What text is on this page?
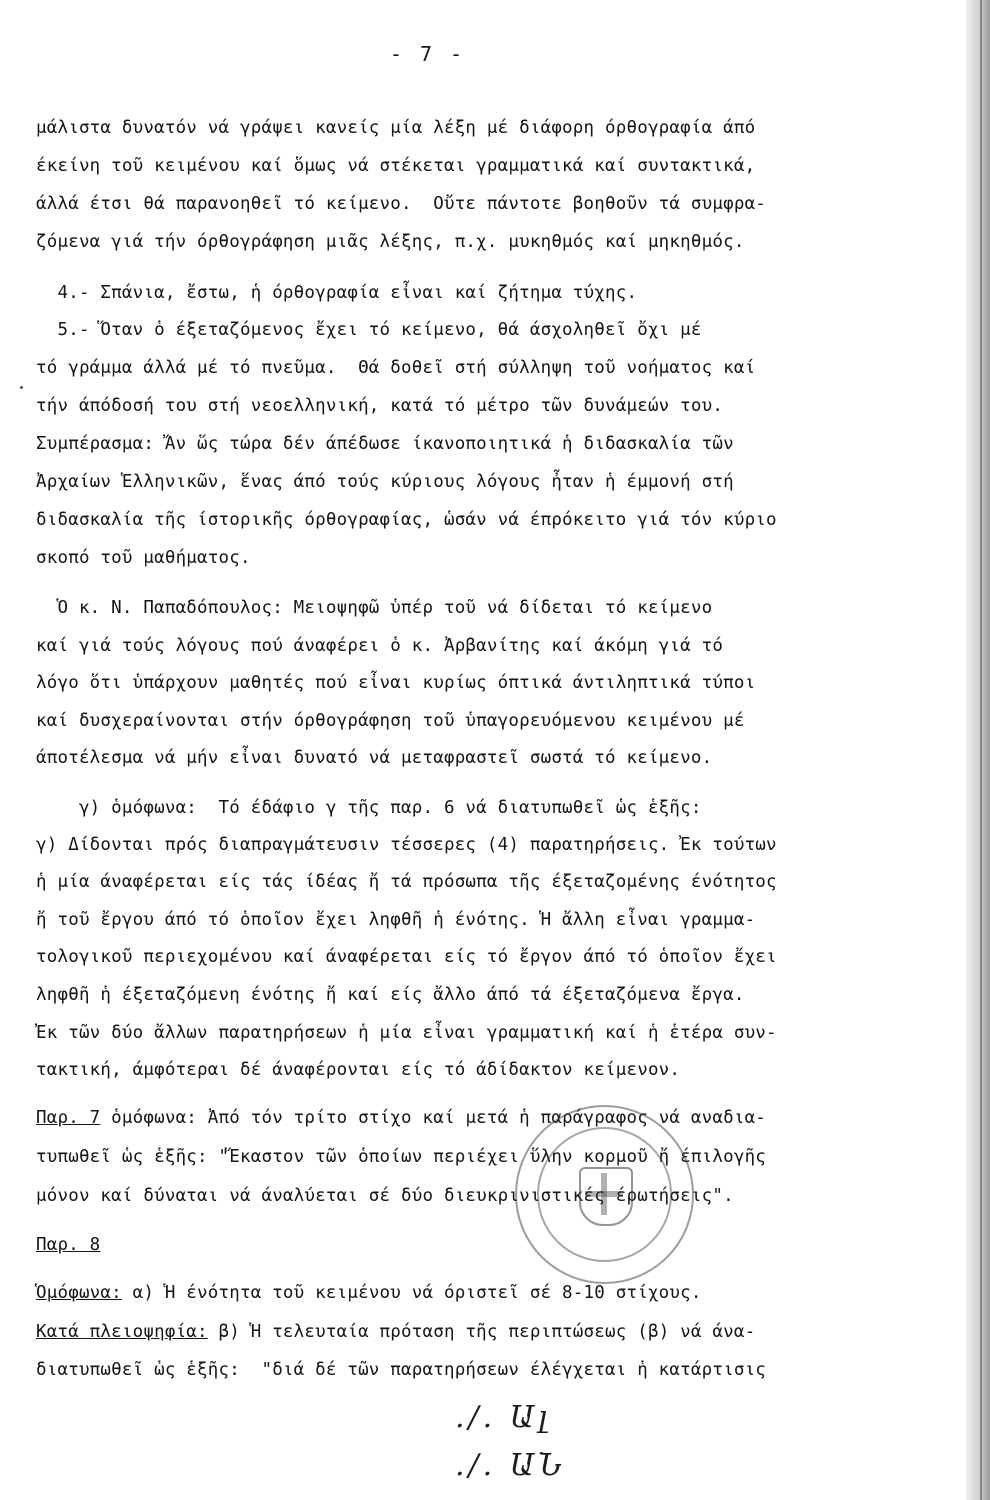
- 7 -
μάλιστα δυνατόν νά γράψει κανείς μία λέξη μέ διάφορη όρθογραφία άπό
έκείνη τοῦ κειμένου καί ὅμως νά στέκεται γραμματικά καί συντακτικά,
άλλά έτσι θά παρανοηθεῖ τό κείμενο.  Οὔτε πάντοτε βοηθοῦν τά συμφρα-
ζόμενα γιά τήν όρθογράφηση μιᾶς λέξης, π.χ. μυκηθμός καί μηκηθμός.
4.- Σπάνια, ἔστω, ἡ όρθογραφία εἶναι καί ζήτημα τύχης.
5.- Ὅταν ὁ έξεταζόμενος ἔχει τό κείμενο, θά άσχοληθεῖ ὄχι μέ
τό γράμμα άλλά μέ τό πνεῦμα.  Θά δοθεῖ στή σύλληψη τοῦ νοήματος καί
τήν άπόδοσή του στή νεοελληνική, κατά τό μέτρο τῶν δυνάμεών του.
Συμπέρασμα: Ἄν ὥς τώρα δέν άπέδωσε ίκανοποιητικά ἡ διδασκαλία τῶν
Ἀρχαίων Ἑλληνικῶν, ἕνας άπό τούς κύριους λόγους ἦταν ἡ έμμονή στή
διδασκαλία τῆς ίστορικῆς όρθογραφίας, ὡσάν νά έπρόκειτο γιά τόν κύριο
σκοπό τοῦ μαθήματος.
Ὁ κ. Ν. Παπαδόπουλος: Μειοψηφῶ ὑπέρ τοῦ νά δίδεται τό κείμενο
καί γιά τούς λόγους πού άναφέρει ὁ κ. Ἀρβανίτης καί άκόμη γιά τό
λόγο ὅτι ὑπάρχουν μαθητές πού εἶναι κυρίως όπτικά άντιληπτικά τύποι
καί δυσχεραίνονται στήν όρθογράφηση τοῦ ὑπαγορευόμενου κειμένου μέ
άποτέλεσμα νά μήν εἶναι δυνατό νά μεταφραστεῖ σωστά τό κείμενο.
γ) ὁμόφωνα:  Τό έδάφιο γ τῆς παρ. 6 νά διατυπωθεῖ ὡς ἑξῆς:
γ) Δίδονται πρός διαπραγμάτευσιν τέσσερες (4) παρατηρήσεις. Ἐκ τούτων
ἡ μία άναφέρεται είς τάς ίδέας ἤ τά πρόσωπα τῆς έξεταζομένης ένότητος
ἤ τοῦ ἔργου άπό τό ὁποῖον ἔχει ληφθῆ ἡ ένότης. Ἡ ἄλλη εἶναι γραμμα-
τολογικοῦ περιεχομένου καί άναφέρεται είς τό ἔργον άπό τό ὁποῖον ἔχει
ληφθῆ ἡ έξεταζόμενη ένότης ἤ καί είς ἄλλο άπό τά έξεταζόμενα ἔργα.
Ἐκ τῶν δύο ἄλλων παρατηρήσεων ἡ μία εἶναι γραμματική καί ἡ ἑτέρα συν-
τακτική, άμφότεραι δέ άναφέρονται είς τό άδίδακτον κείμενον.
Παρ. 7 ὁμόφωνα: Ἀπό τόν τρίτο στίχο καί μετά ἡ παράγραφος νά αναδια-
τυπωθεῖ ὡς ἑξῆς: "Ἕκαστον τῶν ὁποίων περιέχει ὕλην κορμοῦ ἤ έπιλογῆς
μόνον καί δύναται νά άναλύεται σέ δύο διευκρινιστικές έρωτήσεις".
Παρ. 8
Ὁμόφωνα: α) Ἡ ένότητα τοῦ κειμένου νά όριστεῖ σέ 8-10 στίχους.
Κατά πλειοψηφία: β) Ἡ τελευταία πρόταση τῆς περιπτώσεως (β) νά άνα-
διατυπωθεῖ ὡς ἑξῆς:  "διά δέ τῶν παρατηρήσεων έλέγχεται ἡ κατάρτισις
./. Ալ
./. ԱՆ
